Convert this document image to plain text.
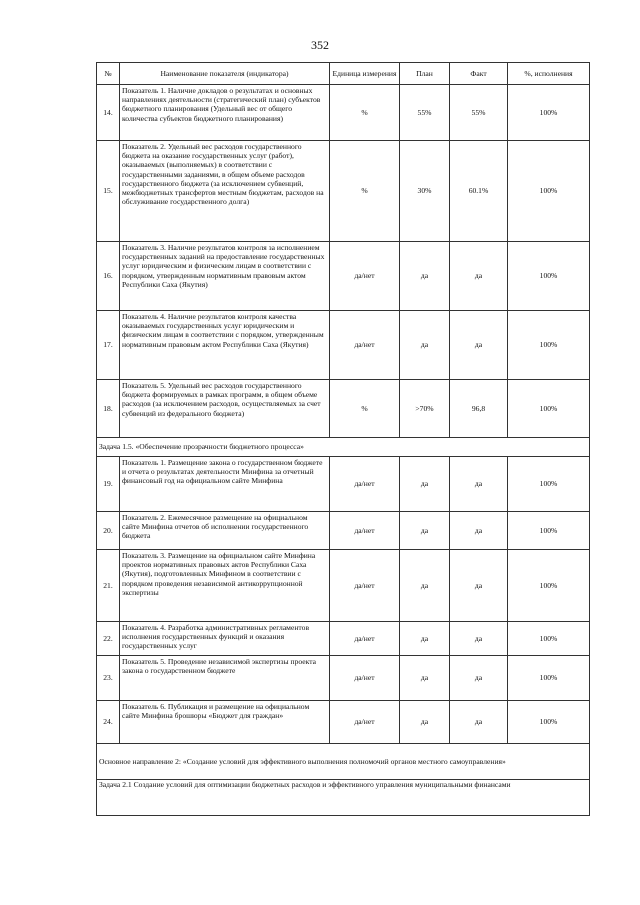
352
№	Наименование показателя (индикатора)	Единица измерения	План	Факт	%, исполнения
14.	Показатель 1. Наличие докладов о результатах и основных направлениях деятельности (стратегический план) субъектов бюджетного планирования (Удельный вес от общего количества субъектов бюджетного планирования)	%	55%	55%	100%
15.	Показатель 2. Удельный вес расходов государственного бюджета на оказание государственных услуг (работ), оказываемых (выполняемых) в соответствии с государственными заданиями, в общем объеме расходов государственного бюджета (за исключением субвенций, межбюджетных трансфертов местным бюджетам, расходов на обслуживание государственного долга)	%	30%	60.1%	100%
16.	Показатель 3. Наличие результатов контроля за исполнением государственных заданий на предоставление государственных услуг юридическим и физическим лицам в соответствии с порядком, утвержденным нормативным правовым актом Республики Саха (Якутия)	да/нет	да	да	100%
17.	Показатель 4. Наличие результатов контроля качества оказываемых государственных услуг юридическим и физическим лицам в соответствии с порядком, утвержденным нормативным правовым актом Республики Саха (Якутия)	да/нет	да	да	100%
18.	Показатель 5. Удельный вес расходов государственного бюджета формируемых в рамках программ, в общем объеме расходов (за исключением расходов, осуществляемых за счет субвенций из федерального бюджета)	%	>70%	96,8	100%
Задача 1.5. «Обеспечение прозрачности бюджетного процесса»					
19.	Показатель 1. Размещение закона о государственном бюджете и отчета о результатах деятельности Минфина за отчетный финансовый год на официальном сайте Минфина	да/нет	да	да	100%
20.	Показатель 2. Ежемесячное размещение на официальном сайте Минфина отчетов об исполнении государственного бюджета	да/нет	да	да	100%
21.	Показатель 3. Размещение на официальном сайте Минфина проектов нормативных правовых актов Республики Саха (Якутия), подготовленных Минфином в соответствии с порядком проведения независимой антикоррупционной экспертизы	да/нет	да	да	100%
22.	Показатель 4. Разработка административных регламентов исполнения государственных функций и оказания государственных услуг	да/нет	да	да	100%
23.	Показатель 5. Проведение независимой экспертизы проекта закона о государственном бюджете	да/нет	да	да	100%
24.	Показатель 6. Публикация и размещение на официальном сайте Минфина брошюры «Бюджет для граждан»	да/нет	да	да	100%
Основное направление 2: «Создание условий для эффективного выполнения полномочий органов местного самоуправления»					
Задача 2.1 Создание условий для оптимизации бюджетных расходов и эффективного управления муниципальными финансами					
